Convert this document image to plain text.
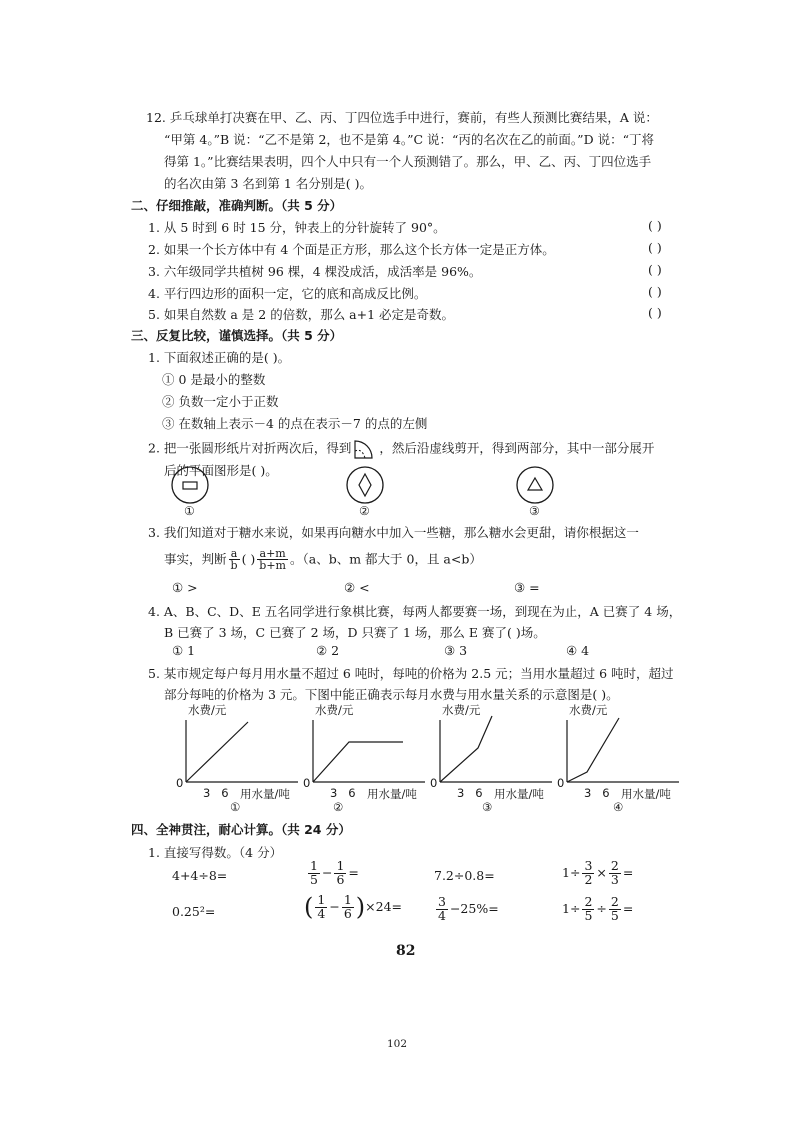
12. 乒乓球单打决赛在甲、乙、丙、丁四位选手中进行，赛前，有些人预测比赛结果，A 说：
“甲第 4。”B 说：“乙不是第 2，也不是第 4。”C 说：“丙的名次在乙的前面。”D 说：“丁将
得第 1。”比赛结果表明，四个人中只有一个人预测错了。那么，甲、乙、丙、丁四位选手
的名次由第 3 名到第 1 名分别是( )。
二、仔细推敲，准确判断。（共 5 分）
1. 从 5 时到 6 时 15 分，钟表上的分针旋转了 90°。	( )
2. 如果一个长方体中有 4 个面是正方形，那么这个长方体一定是正方体。	( )
3. 六年级同学共植树 96 棵，4 棵没成活，成活率是 96%。	( )
4. 平行四边形的面积一定，它的底和高成反比例。	( )
5. 如果自然数 a 是 2 的倍数，那么 a+1 必定是奇数。	( )
三、反复比较，谨慎选择。（共 5 分）
1. 下面叙述正确的是( )。
① 0 是最小的整数
② 负数一定小于正数
③ 在数轴上表示－4 的点在表示－7 的点的左侧
2. 把一张圆形纸片对折两次后，得到 ，然后沿虚线剪开，得到两部分，其中一部分展开
后的平面图形是( )。
①	②	③
3. 我们知道对于糖水来说，如果再向糖水中加入一些糖，那么糖水会更甜，请你根据这一
事实，判断 $\frac{a}{b}$ ( ) $\frac{a+m}{b+m}$ 。（a、b、m 都大于 0，且 a<b）
① >	② <	③ =
4. A、B、C、D、E 五名同学进行象棋比赛，每两人都要赛一场，到现在为止，A 已赛了 4 场，
B 已赛了 3 场，C 已赛了 2 场，D 只赛了 1 场，那么 E 赛了( )场。
① 1	② 2	③ 3	④ 4
5. 某市规定每户每月用水量不超过 6 吨时，每吨的价格为 2.5 元；当用水量超过 6 吨时，超过
部分每吨的价格为 3 元。下图中能正确表示每月水费与用水量关系的示意图是( )。
水费/元
0
3   6 用水量/吨
①
水费/元
0
3   6 用水量/吨
②
水费/元
0
3   6 用水量/吨
③
水费/元
0
3   6 用水量/吨
④
四、全神贯注，耐心计算。（共 24 分）
1. 直接写得数。（4 分）
4+4÷8=	$\frac{1}{5} - \frac{1}{6}$ =	7.2÷0.8=	$1\div \frac{3}{2} \times \frac{2}{3}$ =
0.25²=	( $\frac{1}{4} - \frac{1}{6} )\times 24=$	$\frac{3}{4} -25\%=$	$1\div \frac{2}{5} \div \frac{2}{5}$ =
82
102
